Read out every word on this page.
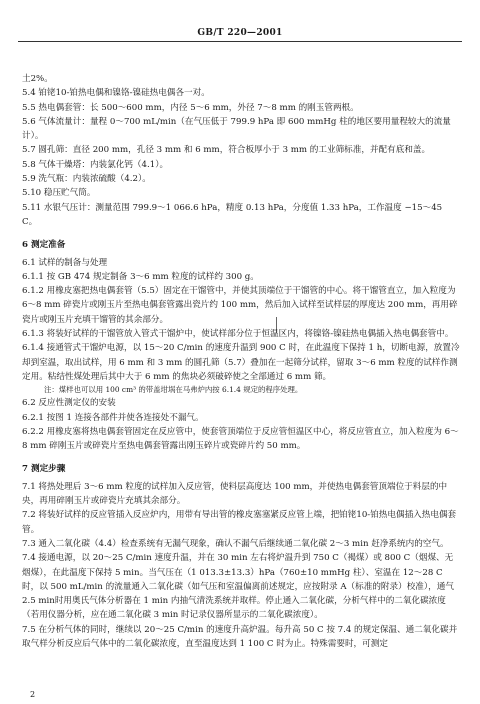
GB/T 220—2001

土2%。

5.4 铂铑10-铂热电偶和镍铬-镍硅热电偶各一对。

5.5 热电偶套管：长 500～600 mm，内径 5～6 mm，外径 7～8 mm 的刚玉管两根。

5.6 气体流量计：量程 0～700 mL/min（在气压低于 799.9 hPa 即 600 mmHg 柱的地区要用量程较大的流量计）。

5.7 圆孔筛：直径 200 mm，孔径 3 mm 和 6 mm，符合板厚小于 3 mm 的工业筛标准，并配有底和盖。

5.8 气体干燥塔：内装氯化钙（4.1）。

5.9 洗气瓶：内装浓硫酸（4.2）。

5.10 稳压贮气筒。

5.11 水银气压计：测量范围 799.9～1 066.6 hPa，精度 0.13 hPa，分度值 1.33 hPa，工作温度 −15～45 C。

6 测定准备

6.1 试样的制备与处理

6.1.1 按 GB 474 规定制备 3～6 mm 粒度的试样约 300 g。

6.1.2 用橡皮塞把热电偶套管（5.5）固定在干馏管中，并使其顶端位于干馏管的中心。将干馏管直立，加入粒度为 6～8 mm 碎瓷片或刚玉片至热电偶套管露出瓷片约 100 mm，然后加入试样至试样层的厚度达 200 mm，再用碎瓷片或刚玉片充填干馏管的其余部分。

6.1.3 将装好试样的干馏管放入管式干馏炉中，使试样部分位于恒温区内，将镍铬-镍硅热电偶插入热电偶套管中。

6.1.4 接通管式干馏炉电源，以 15～20 C/min 的速度升温到 900 C 时，在此温度下保持 1 h，切断电源，放置冷却到室温，取出试样，用 6 mm 和 3 mm 的圆孔筛（5.7）叠加在一起筛分试样，留取 3～6 mm 粒度的试样作测定用。粘结性煤处理后其中大于 6 mm 的焦块必须破碎使之全部通过 6 mm 筛。

注：煤样也可以用 100 cm³ 的带盖坩埚在马弗炉内按 6.1.4 规定的程序处理。

6.2 反应性测定仪的安装

6.2.1 按图 1 连接各部件并使各连接处不漏气。

6.2.2 用橡皮塞将热电偶套管固定在反应管中，使套管顶端位于反应管恒温区中心，将反应管直立，加入粒度为 6～8 mm 碎刚玉片或碎瓷片至热电偶套管露出刚玉碎片或瓷碎片约 50 mm。

7 测定步骤

7.1 将热处理后 3～6 mm 粒度的试样加入反应管，使料层高度达 100 mm，并使热电偶套管顶端位于料层的中央，再用碎刚玉片或碎瓷片充填其余部分。

7.2 将装好试样的反应管插入反应炉内，用带有导出管的橡皮塞塞紧反应管上端，把铂铑10-铂热电偶插入热电偶套管。

7.3 通入二氧化碳（4.4）检查系统有无漏气现象，确认不漏气后继续通二氧化碳 2～3 min 赶净系统内的空气。

7.4 接通电源，以 20～25 C/min 速度升温，并在 30 min 左右将炉温升到 750 C（褐煤）或 800 C（烟煤、无烟煤），在此温度下保持 5 min。当气压在（1 013.3±13.3）hPa（760±10 mmHg 柱）、室温在 12～28 C 时，以 500 mL/min 的流量通入二氧化碳（如气压和室温偏离前述规定，应按附录 A（标准的附录）校准），通气 2.5 min时用奥氏气体分析器在 1 min 内抽气清洗系统并取样。停止通入二氧化碳，分析气样中的二氧化碳浓度（若用仪器分析，应在通二氧化碳 3 min 时记录仪器所显示的二氧化碳浓度）。

7.5 在分析气体的同时，继续以 20～25 C/min 的速度升高炉温。每升高 50 C 按 7.4 的规定保温、通二氧化碳并取气样分析反应后气体中的二氧化碳浓度，直至温度达到 1 100 C 时为止。特殊需要时，可测定

2
